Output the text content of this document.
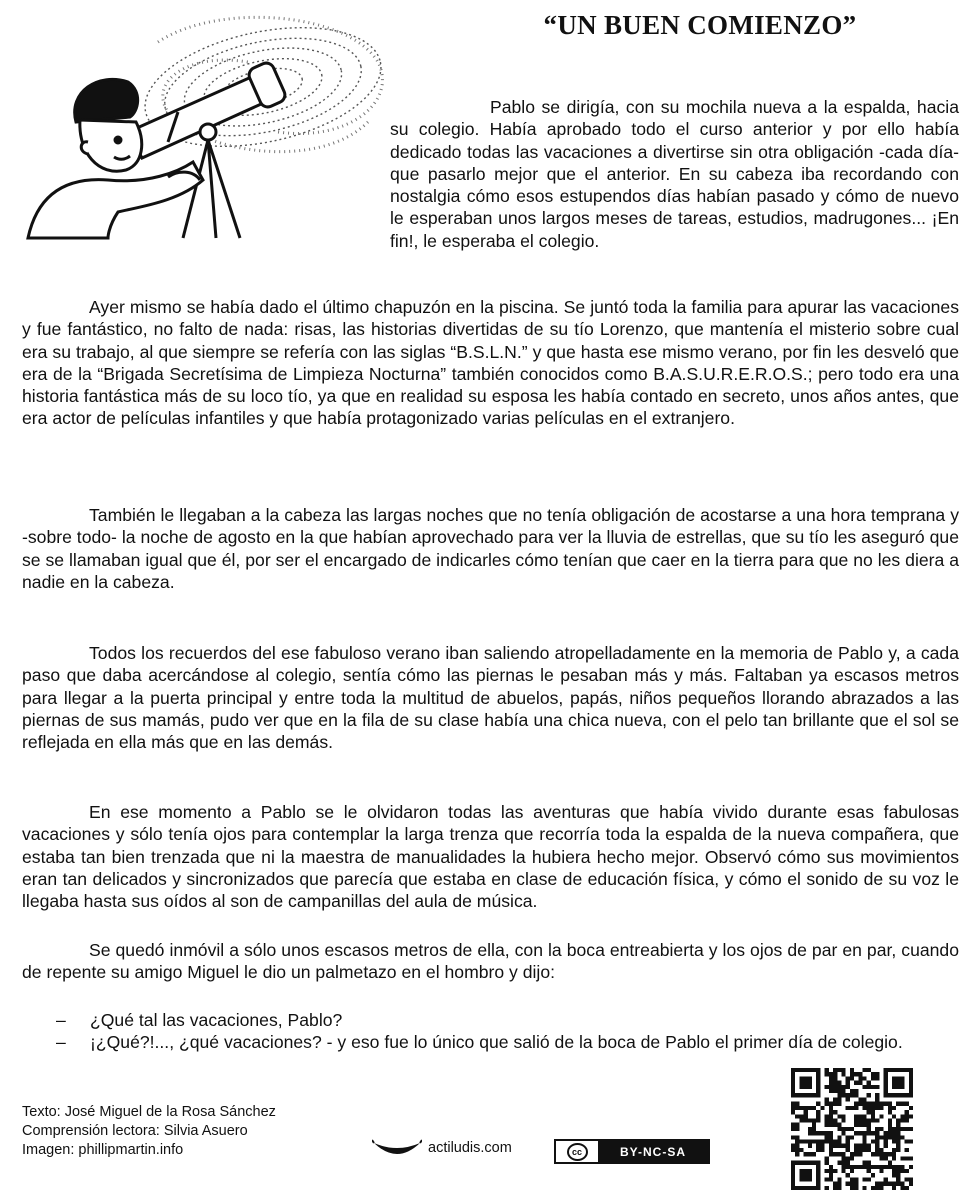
“UN BUEN COMIENZO”
Pablo se dirigía, con su mochila nueva a la espalda, hacia su colegio. Había aprobado todo el curso anterior y por ello había dedicado todas las vacaciones a divertirse sin otra obligación -cada día- que pasarlo mejor que el anterior. En su cabeza iba recordando con nostalgia cómo esos estupendos días habían pasado y cómo de nuevo le esperaban unos largos meses de tareas, estudios, madrugones... ¡En fin!, le esperaba el colegio.
Ayer mismo se había dado el último chapuzón en la piscina. Se juntó toda la familia para apurar las vacaciones y fue fantástico, no falto de nada: risas, las historias divertidas de su tío Lorenzo, que mantenía el misterio sobre cual era su trabajo, al que siempre se refería con las siglas “B.S.L.N.” y que hasta ese mismo verano, por fin les desveló que era de la “Brigada Secretísima de Limpieza Nocturna” también conocidos como B.A.S.U.R.E.R.O.S.; pero todo era una historia fantástica más de su loco tío, ya que en realidad su esposa les había contado en secreto, unos años antes, que era actor de películas infantiles y que había protagonizado varias películas en el extranjero.
También le llegaban a la cabeza las largas noches que no tenía obligación de acostarse a una hora temprana y -sobre todo- la noche de agosto en la que habían aprovechado para ver la lluvia de estrellas, que su tío les aseguró que se se llamaban igual que él, por ser el encargado de indicarles cómo tenían que caer en la tierra para que no les diera a nadie en la cabeza.
Todos los recuerdos del ese fabuloso verano iban saliendo atropelladamente en la memoria de Pablo y, a cada paso que daba acercándose al colegio, sentía cómo las piernas le pesaban más y más. Faltaban ya escasos metros para llegar a la puerta principal y entre toda la multitud de abuelos, papás, niños pequeños llorando abrazados a las piernas de sus mamás, pudo ver que en la fila de su clase había una chica nueva, con el pelo tan brillante que el sol se reflejada en ella más que en las demás.
En ese momento a Pablo se le olvidaron todas las aventuras que había vivido durante esas fabulosas vacaciones y sólo tenía ojos para contemplar la larga trenza que recorría toda la espalda de la nueva compañera, que estaba tan bien trenzada que ni la maestra de manualidades la hubiera hecho mejor. Observó cómo sus movimientos eran tan delicados y sincronizados que parecía que estaba en clase de educación física, y cómo el sonido de su voz le llegaba hasta sus oídos al son de campanillas del aula de música.
Se quedó inmóvil a sólo unos escasos metros de ella, con la boca entreabierta y los ojos de par en par, cuando de repente su amigo Miguel le dio un palmetazo en el hombro y dijo:
–	¿Qué tal las vacaciones, Pablo?
–	¡¿Qué?!..., ¿qué vacaciones? - y eso fue lo único que salió de la boca de Pablo el primer día de colegio.
Texto: José Miguel de la Rosa Sánchez
Comprensión lectora: Silvia Asuero
Imagen: phillipmartin.info	actiludis.com	cc	BY-NC-SA
